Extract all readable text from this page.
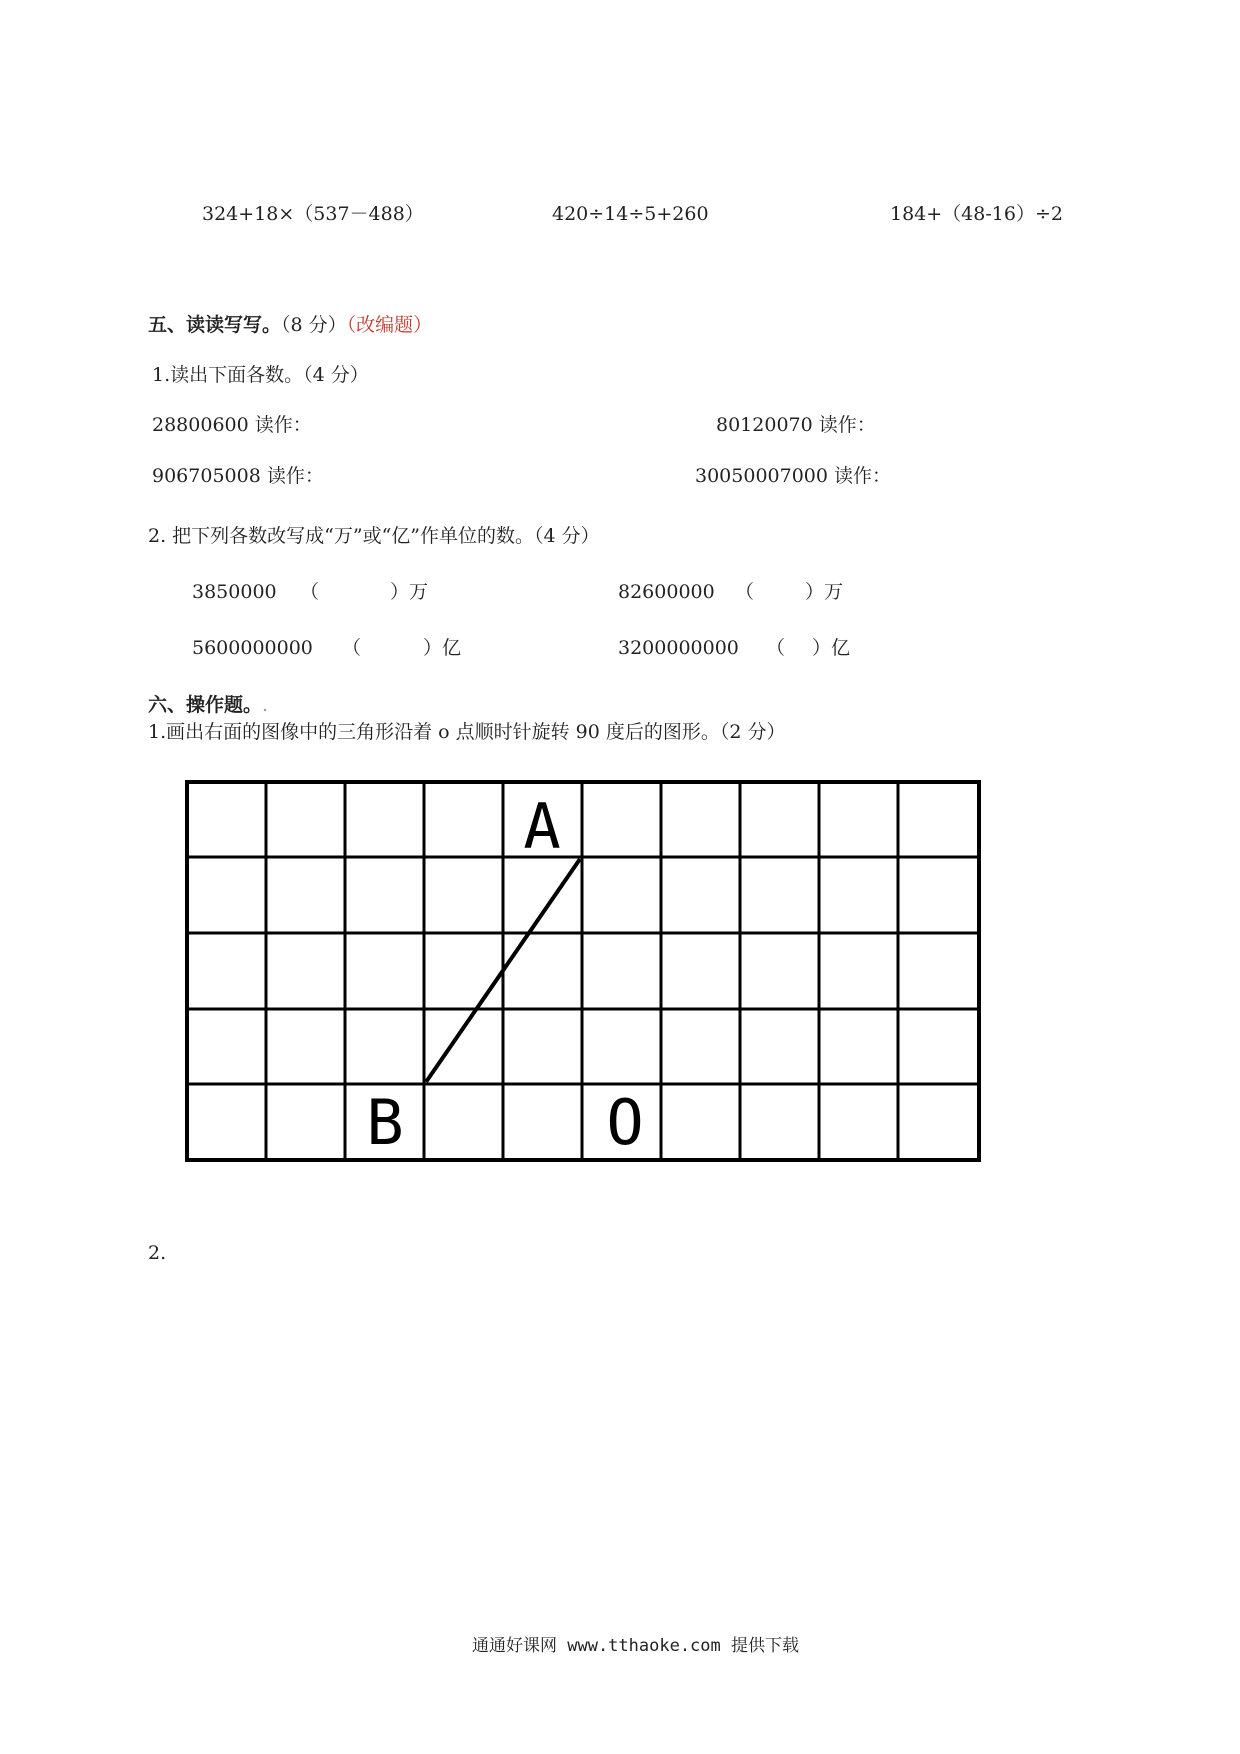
324+18×（537－488）	420÷14÷5+260	184+（48-16）÷2
五、读读写写。（8 分）（改编题）
1.读出下面各数。（4 分）
28800600 读作：	80120070 读作：
906705008 读作：	30050007000 读作：
2. 把下列各数改写成“万”或“亿”作单位的数。（4 分）
3850000 （	）万	82600000 （	）万
5600000000 （	）亿	3200000000 （ ）亿
六、操作题。.
1.画出右面的图像中的三角形沿着 o 点顺时针旋转 90 度后的图形。（2 分）
A
B	O
2.
通通好课网 www.tthaoke.com 提供下载
